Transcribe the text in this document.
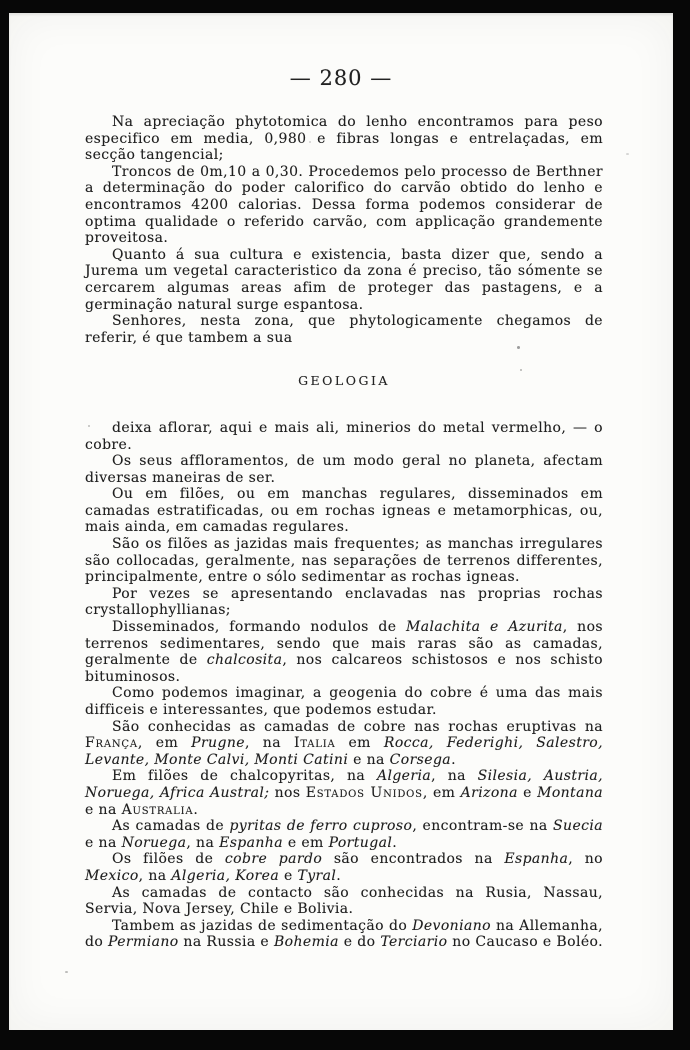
— 280 —

Na apreciação phytotomica do lenho encontramos para peso especifico em media, 0,980 e fibras longas e entrelaçadas, em secção tangencial;

Troncos de 0m,10 a 0,30. Procedemos pelo processo de Berthner a determinação do poder calorifico do carvão obtido do lenho e encontramos 4200 calorias. Dessa forma podemos considerar de optima qualidade o referido carvão, com applicação grandemente proveitosa.

Quanto á sua cultura e existencia, basta dizer que, sendo a Jurema um vegetal caracteristico da zona é preciso, tão sómente se cercarem algumas areas afim de proteger das pastagens, e a germinação natural surge espantosa.

Senhores, nesta zona, que phytologicamente chegamos de referir, é que tambem a sua

GEOLOGIA

deixa aflorar, aqui e mais ali, minerios do metal vermelho, — o cobre.

Os seus affloramentos, de um modo geral no planeta, afectam diversas maneiras de ser.

Ou em filões, ou em manchas regulares, disseminados em camadas estratificadas, ou em rochas igneas e metamorphicas, ou, mais ainda, em camadas regulares.

São os filões as jazidas mais frequentes; as manchas irregulares são collocadas, geralmente, nas separações de terrenos differentes, principalmente, entre o sólo sedimentar as rochas igneas.

Por vezes se apresentando enclavadas nas proprias rochas crystallophyllianas;

Disseminados, formando nodulos de Malachita e Azurita, nos terrenos sedimentares, sendo que mais raras são as camadas, geralmente de chalcosita, nos calcareos schistosos e nos schisto bituminosos.

Como podemos imaginar, a geogenia do cobre é uma das mais difficeis e interessantes, que podemos estudar.

São conhecidas as camadas de cobre nas rochas eruptivas na França, em Prugne, na Italia em Rocca, Federighi, Salestro, Levante, Monte Calvi, Monti Catini e na Corsega.

Em filões de chalcopyritas, na Algeria, na Silesia, Austria, Noruega, Africa Austral; nos Estados Unidos, em Arizona e Montana e na Australia.

As camadas de pyritas de ferro cuproso, encontram-se na Suecia e na Noruega, na Espanha e em Portugal.

Os filões de cobre pardo são encontrados na Espanha, no Mexico, na Algeria, Korea e Tyral.

As camadas de contacto são conhecidas na Rusia, Nassau, Servia, Nova Jersey, Chile e Bolivia.

Tambem as jazidas de sedimentação do Devoniano na Allemanha, do Permiano na Russia e Bohemia e do Terciario no Caucaso e Boléo.
